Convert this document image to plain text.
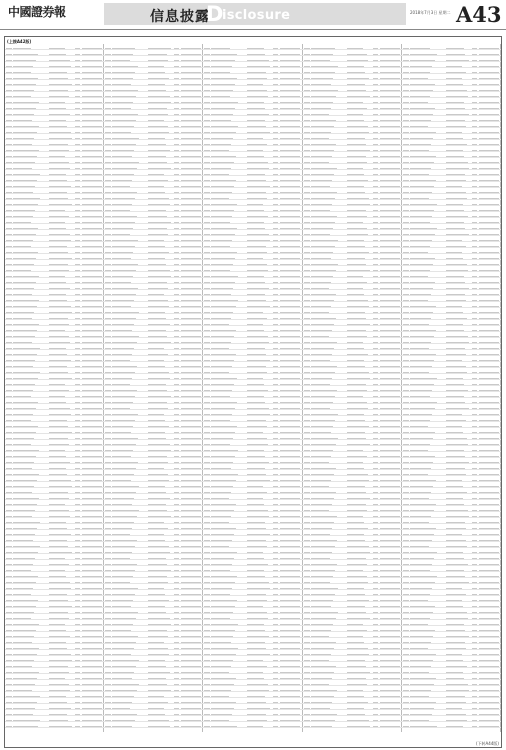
中國證券報	信息披露
D
isclosure	2018年7月3日 星期二 A43
(上接A42版)
(下转A44版)
